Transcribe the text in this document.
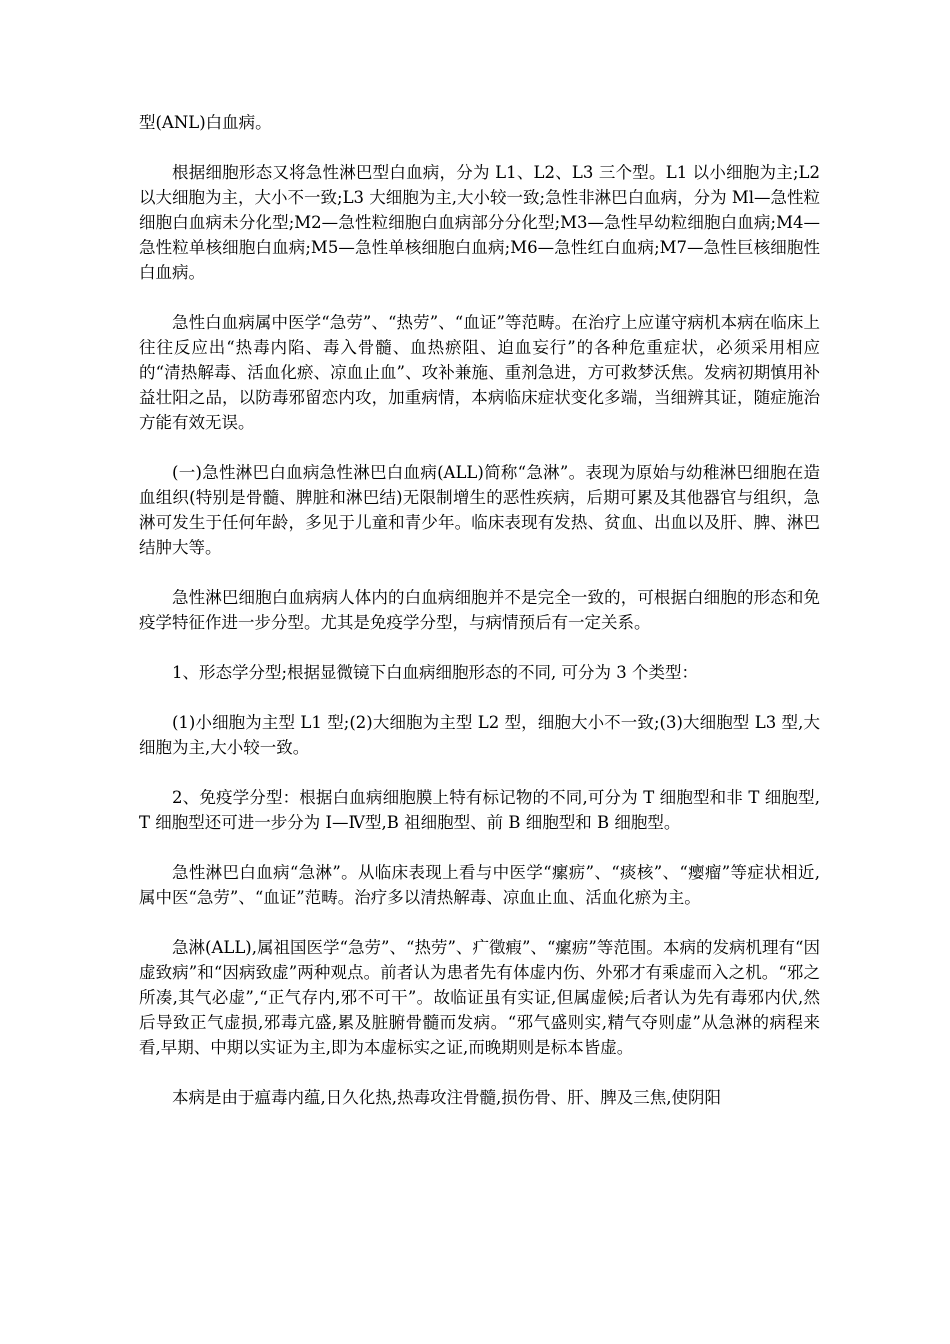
型(ANL)白血病。

根据细胞形态又将急性淋巴型白血病，分为 L1、L2、L3 三个型。L1 以小细胞为主;L2 以大细胞为主，大小不一致;L3 大细胞为主,大小较一致;急性非淋巴白血病，分为 Ml—急性粒细胞白血病未分化型;M2—急性粒细胞白血病部分分化型;M3—急性早幼粒细胞白血病;M4—急性粒单核细胞白血病;M5—急性单核细胞白血病;M6—急性红白血病;M7—急性巨核细胞性白血病。

急性白血病属中医学“急劳”、“热劳”、“血证”等范畴。在治疗上应谨守病机本病在临床上往往反应出“热毒内陷、毒入骨髓、血热瘀阻、迫血妄行”的各种危重症状，必须采用相应的“清热解毒、活血化瘀、凉血止血”、攻补兼施、重剂急进，方可救梦沃焦。发病初期慎用补益壮阳之品，以防毒邪留恋内攻，加重病情，本病临床症状变化多端，当细辨其证，随症施治方能有效无误。

(一)急性淋巴白血病急性淋巴白血病(ALL)简称“急淋”。表现为原始与幼稚淋巴细胞在造血组织(特别是骨髓、脾脏和淋巴结)无限制增生的恶性疾病，后期可累及其他器官与组织，急淋可发生于任何年龄，多见于儿童和青少年。临床表现有发热、贫血、出血以及肝、脾、淋巴结肿大等。

急性淋巴细胞白血病病人体内的白血病细胞并不是完全一致的，可根据白细胞的形态和免疫学特征作进一步分型。尤其是免疫学分型，与病情预后有一定关系。

1、形态学分型;根据显微镜下白血病细胞形态的不同, 可分为 3 个类型：

(1)小细胞为主型 L1 型;(2)大细胞为主型 L2 型，细胞大小不一致;(3)大细胞型 L3 型,大细胞为主,大小较一致。

2、免疫学分型：根据白血病细胞膜上特有标记物的不同,可分为 T 细胞型和非 T 细胞型,T 细胞型还可进一步分为 I—Ⅳ型,B 祖细胞型、前 B 细胞型和 B 细胞型。

急性淋巴白血病“急淋”。从临床表现上看与中医学“瘰疬”、“痰核”、“瘿瘤”等症状相近,属中医“急劳”、“血证”范畴。治疗多以清热解毒、凉血止血、活血化瘀为主。

急淋(ALL),属祖国医学“急劳”、“热劳”、疒徵瘕”、“瘰疬”等范围。本病的发病机理有“因虚致病”和“因病致虚”两种观点。前者认为患者先有体虚内伤、外邪才有乘虚而入之机。“邪之所凑,其气必虚”,“正气存内,邪不可干”。故临证虽有实证,但属虚候;后者认为先有毒邪内伏,然后导致正气虚损,邪毒亢盛,累及脏腑骨髓而发病。“邪气盛则实,精气夺则虚”从急淋的病程来看,早期、中期以实证为主,即为本虚标实之证,而晚期则是标本皆虚。

本病是由于瘟毒内蕴,日久化热,热毒攻注骨髓,损伤骨、肝、脾及三焦,使阴阳
